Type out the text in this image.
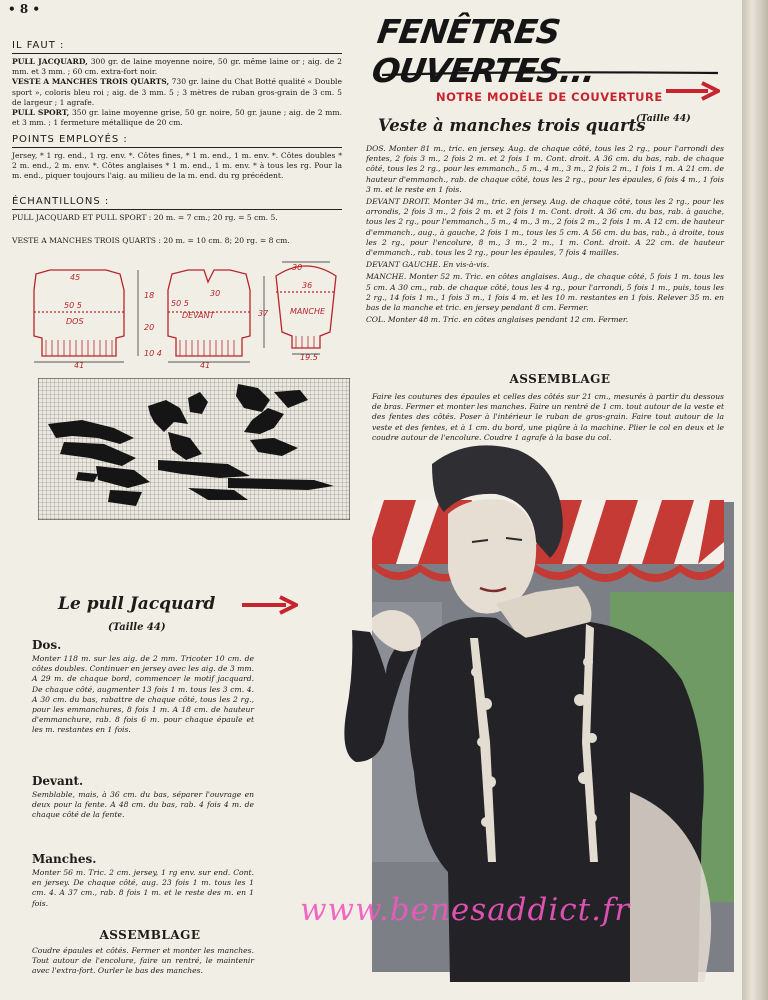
• 8 •
IL FAUT :
PULL JACQUARD, 300 gr. de laine moyenne noire, 50 gr. même laine or ; aig. de 2 mm. et 3 mm. ; 60 cm. extra-fort noir.
VESTE A MANCHES TROIS QUARTS, 730 gr. laine du Chat Botté qualité « Double sport », coloris bleu roi ; aig. de 3 mm. 5 ; 3 mètres de ruban gros-grain de 3 cm. 5 de largeur ; 1 agrafe.
PULL SPORT, 350 gr. laine moyenne grise, 50 gr. noire, 50 gr. jaune ; aig. de 2 mm. et 3 mm. ; 1 fermeture métallique de 20 cm.
POINTS EMPLOYÉS :
Jersey, * 1 rg. end., 1 rg. env. *. Côtes fines, * 1 m. end., 1 m. env. *. Côtes doubles * 2 m. end., 2 m. env. *. Côtes anglaises * 1 m. end., 1 m. env. * à tous les rg. Pour la m. end., piquer toujours l'aig. au milieu de la m. end. du rg précédent.
ÉCHANTILLONS :
PULL JACQUARD ET PULL SPORT : 20 m. = 7 cm.; 20 rg. = 5 cm. 5.
VESTE A MANCHES TROIS QUARTS : 20 m. = 10 cm. 8; 20 rg. = 8 cm.
45
50 5
DOS
41
18
20
10 4
50 5
DEVANT
41
30
36
37	MANCHE
19.5
30
FENÊTRES OUVERTES...
NOTRE MODÈLE DE COUVERTURE
Veste à manches trois quarts
(Taille 44)

DOS. Monter 81 m., tric. en jersey. Aug. de chaque côté, tous les 2 rg., pour l'arrondi des fentes, 2 fois 3 m., 2 fois 2 m. et 2 fois 1 m. Cont. droit. A 36 cm. du bas, rab. de chaque côté, tous les 2 rg., pour les emmanch., 5 m., 4 m., 3 m., 2 fois 2 m., 1 fois 1 m. A 21 cm. de hauteur d'emmanch., rab. de chaque côté, tous les 2 rg., pour les épaules, 6 fois 4 m., 1 fois 3 m. et le reste en 1 fois.

DEVANT DROIT. Monter 34 m., tric. en jersey. Aug. de chaque côté, tous les 2 rg., pour les arrondis, 2 fois 3 m., 2 fois 2 m. et 2 fois 1 m. Cont. droit. A 36 cm. du bas, rab. à gauche, tous les 2 rg., pour l'emmanch., 5 m., 4 m., 3 m., 2 fois 2 m., 2 fois 1 m. A 12 cm. de hauteur d'emmanch., aug., à gauche, 2 fois 1 m., tous les 5 cm. A 56 cm. du bas, rab., à droite, tous les 2 rg., pour l'encolure, 8 m., 3 m., 2 m., 1 m. Cont. droit. A 22 cm. de hauteur d'emmanch., rab. tous les 2 rg., pour les épaules, 7 fois 4 mailles.

DEVANT GAUCHE. En vis-à-vis.

MANCHE. Monter 52 m. Tric. en côtes anglaises. Aug., de chaque côté, 5 fois 1 m. tous les 5 cm. A 30 cm., rab. de chaque côté, tous les 4 rg., pour l'arrondi, 5 fois 1 m., puis, tous les 2 rg., 14 fois 1 m., 1 fois 3 m., 1 fois 4 m. et les 10 m. restantes en 1 fois. Relever 35 m. en bas de la manche et tric. en jersey pendant 8 cm. Fermer.

COL. Monter 48 m. Tric. en côtes anglaises pendant 12 cm. Fermer.

ASSEMBLAGE
Faire les coutures des épaules et celles des côtés sur 21 cm., mesurés à partir du dessous de bras. Fermer et monter les manches. Faire un rentré de 1 cm. tout autour de la veste et des fentes des côtés. Poser à l'intérieur le ruban de gros-grain. Faire tout autour de la veste et des fentes, et à 1 cm. du bord, une piqûre à la machine. Plier le col en deux et le coudre autour de l'encolure. Coudre 1 agrafe à la base du col.
Le pull Jacquard
(Taille 44)
Dos.
Monter 118 m. sur les aig. de 2 mm. Tricoter 10 cm. de côtes doubles. Continuer en jersey avec les aig. de 3 mm. A 29 m. de chaque bord, commencer le motif jacquard. De chaque côté, augmenter 13 fois 1 m. tous les 3 cm. 4. A 30 cm. du bas, rabattre de chaque côté, tous les 2 rg., pour les emmanchures, 8 fois 1 m. A 18 cm. de hauteur d'emmanchure, rab. 8 fois 6 m. pour chaque épaule et les m. restantes en 1 fois.
Devant.
Semblable, mais, à 36 cm. du bas, séparer l'ouvrage en deux pour la fente. A 48 cm. du bas, rab. 4 fois 4 m. de chaque côté de la fente.
Manches.
Monter 56 m. Tric. 2 cm. jersey, 1 rg env. sur end. Cont. en jersey. De chaque côté, aug. 23 fois 1 m. tous les 1 cm. 4. A 37 cm., rab. 8 fois 1 m. et le reste des m. en 1 fois.
ASSEMBLAGE
Coudre épaules et côtés. Fermer et monter les manches. Tout autour de l'encolure, faire un rentré, le maintenir avec l'extra-fort. Ourler le bas des manches.
www.benesaddict.fr
